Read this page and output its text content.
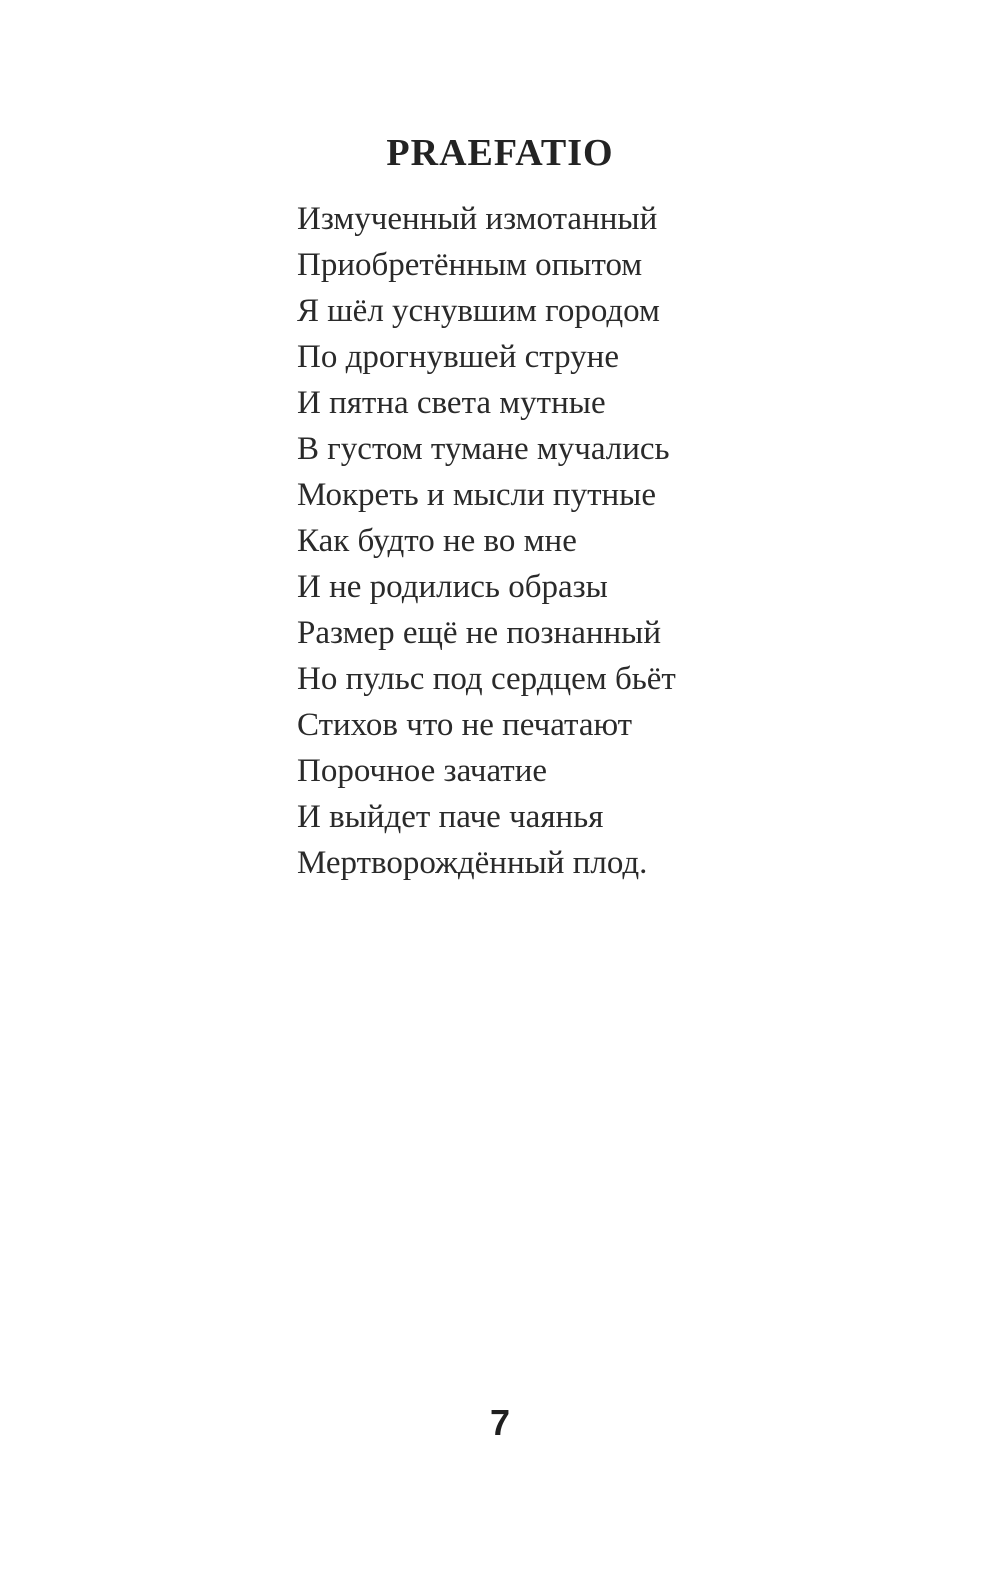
PRAEFATIO
Измученный измотанный
Приобретённым опытом
Я шёл уснувшим городом
По дрогнувшей струне
И пятна света мутные
В густом тумане мучались
Мокреть и мысли путные
Как будто не во мне
И не родились образы
Размер ещё не познанный
Но пульс под сердцем бьёт
Стихов что не печатают
Порочное зачатие
И выйдет паче чаянья
Мертворождённый плод.
7
